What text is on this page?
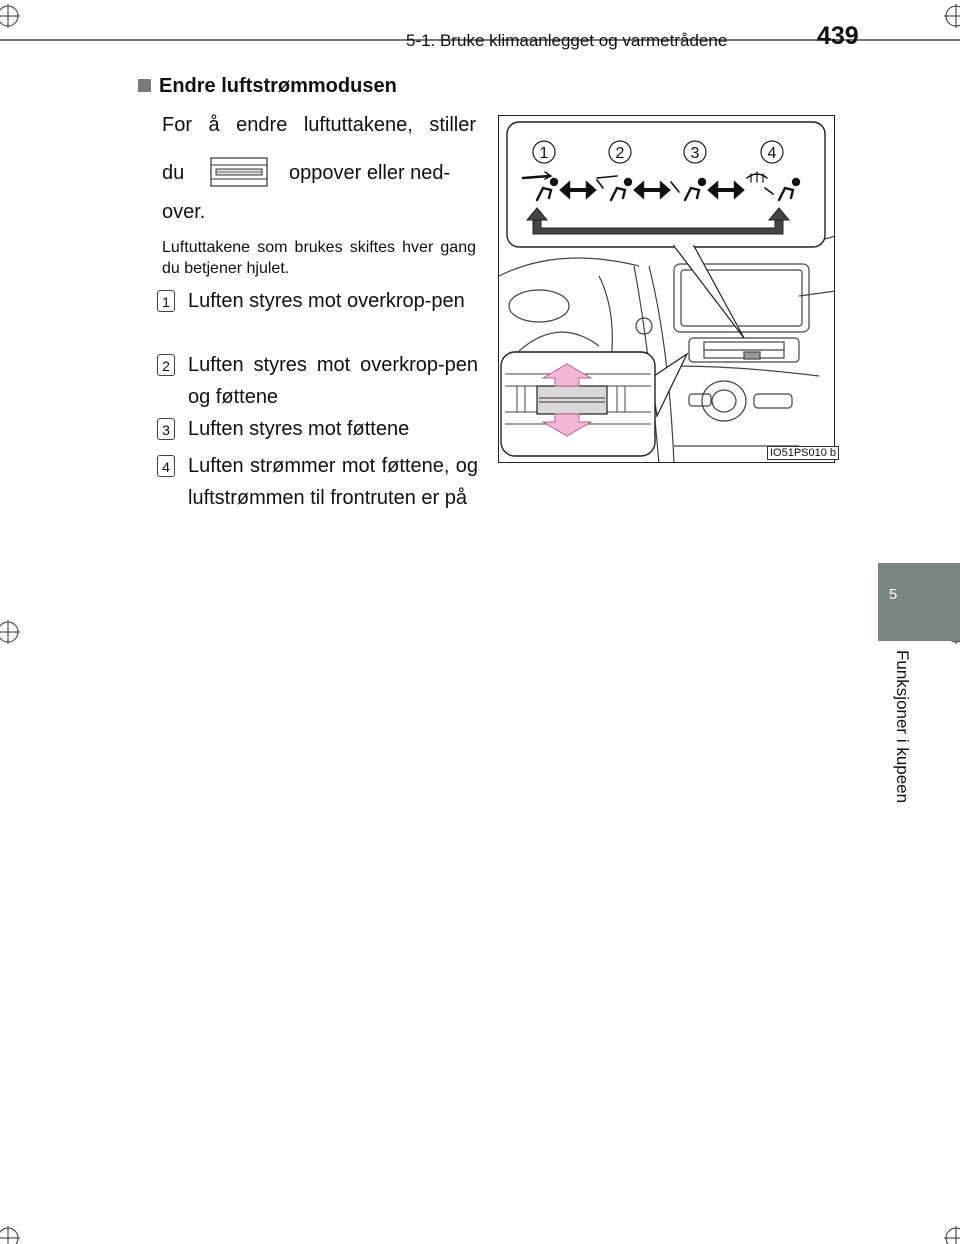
5-1. Bruke klimaanlegget og varmetrådene	439
5
Funksjoner i kupeen
Endre luftstrømmodusen
For å endre luftuttakene, stiller
du	oppover eller ned-
over.
Luftuttakene som brukes skiftes hver gang du betjener hjulet.
1 Luften styres mot overkrop-pen
2 Luften styres mot overkrop-pen og føttene
3 Luften styres mot føttene
4 Luften strømmer mot føttene, og luftstrømmen til frontruten er på
1	2	3	4
IO51PS010 b
